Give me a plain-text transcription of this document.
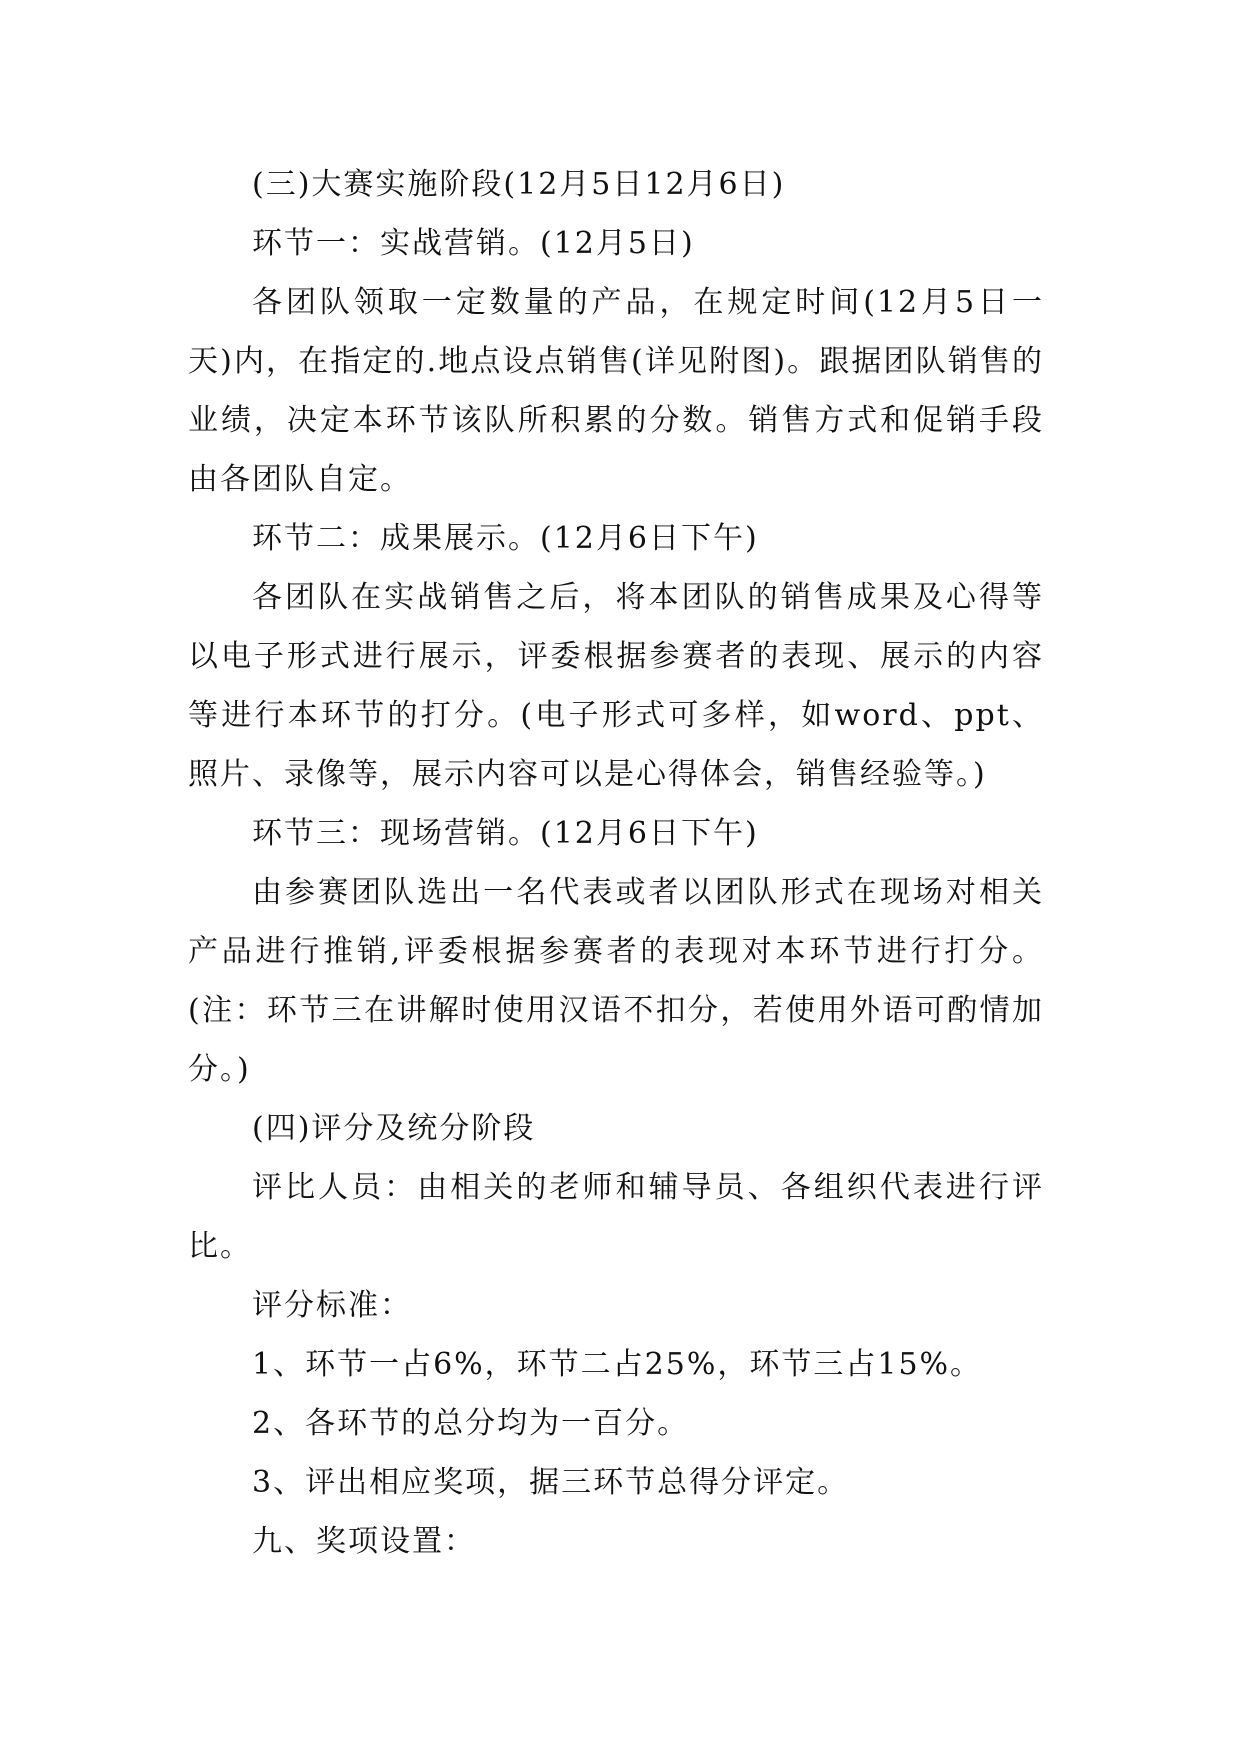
(三)大赛实施阶段(12月5日12月6日)

环节一：实战营销。(12月5日)

各团队领取一定数量的产品，在规定时间(12月5日一天)内，在指定的.地点设点销售(详见附图)。跟据团队销售的业绩，决定本环节该队所积累的分数。销售方式和促销手段由各团队自定。

环节二：成果展示。(12月6日下午)

各团队在实战销售之后，将本团队的销售成果及心得等以电子形式进行展示，评委根据参赛者的表现、展示的内容等进行本环节的打分。(电子形式可多样，如word、ppt、照片、录像等，展示内容可以是心得体会，销售经验等。)

环节三：现场营销。(12月6日下午)

由参赛团队选出一名代表或者以团队形式在现场对相关产品进行推销,评委根据参赛者的表现对本环节进行打分。(注：环节三在讲解时使用汉语不扣分，若使用外语可酌情加分。)

(四)评分及统分阶段

评比人员：由相关的老师和辅导员、各组织代表进行评比。

评分标准：

1、环节一占6%，环节二占25%，环节三占15%。

2、各环节的总分均为一百分。

3、评出相应奖项，据三环节总得分评定。

九、奖项设置：
